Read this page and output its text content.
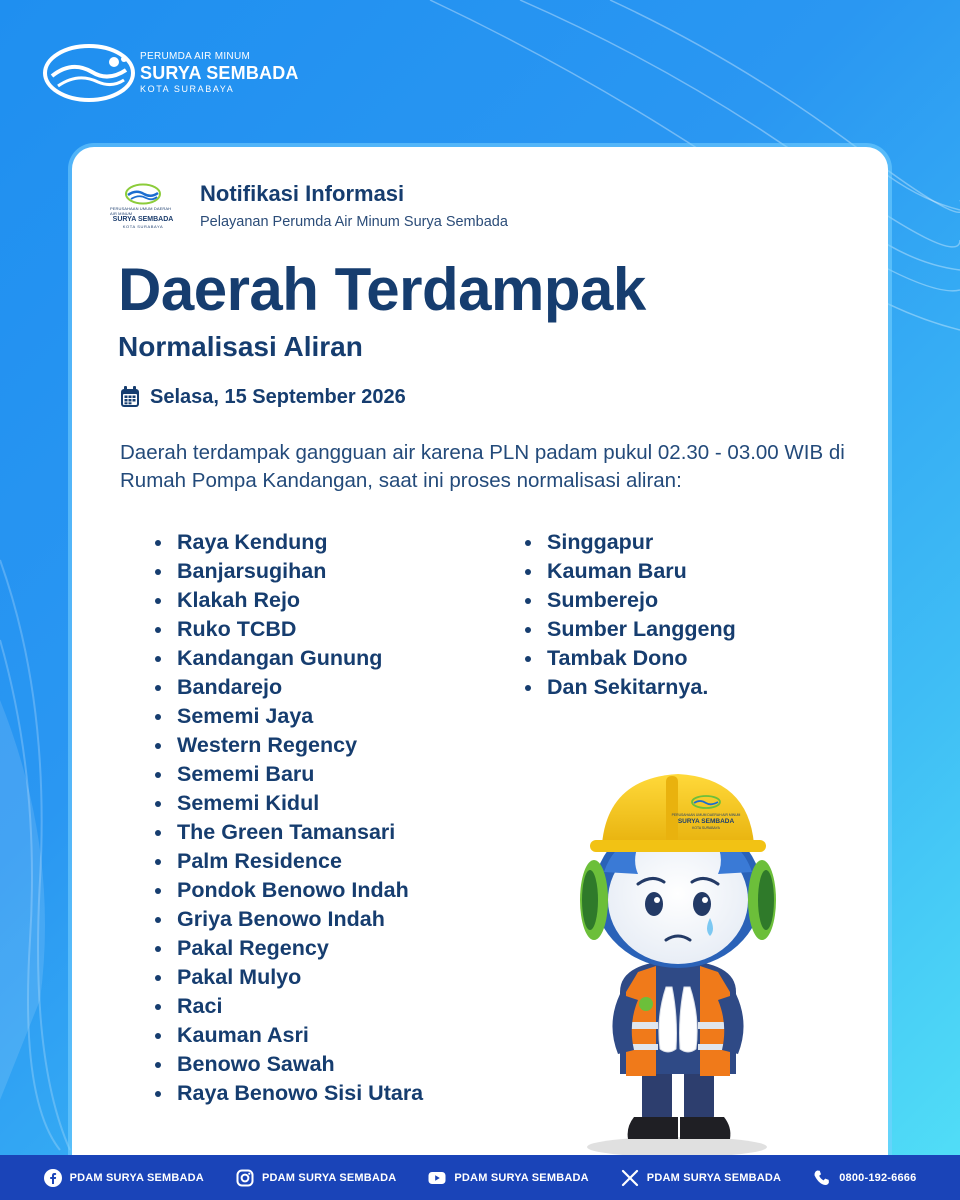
PERUMDA AIR MINUM
SURYA SEMBADA
KOTA SURABAYA
PERUSAHAAN UMUM DAERAH AIR MINUM
SURYA SEMBADA
KOTA SURABAYA
Notifikasi Informasi
Pelayanan Perumda Air Minum Surya Sembada
Daerah Terdampak
Normalisasi Aliran
Selasa, 15 September 2026
Daerah terdampak gangguan air karena PLN padam pukul 02.30 - 03.00 WIB di Rumah Pompa Kandangan, saat ini proses normalisasi aliran:
Raya Kendung
Banjarsugihan
Klakah Rejo
Ruko TCBD
Kandangan Gunung
Bandarejo
Sememi Jaya
Western Regency
Sememi Baru
Sememi Kidul
The Green Tamansari
Palm Residence
Pondok Benowo Indah
Griya Benowo Indah
Pakal Regency
Pakal Mulyo
Raci
Kauman Asri
Benowo Sawah
Raya Benowo Sisi Utara
Singgapur
Kauman Baru
Sumberejo
Sumber Langgeng
Tambak Dono
Dan Sekitarnya.
PERUSAHAAN UMUM DAERAH AIR MINUM
SURYA SEMBADA
KOTA SURABAYA
PDAM SURYA SEMBADA	PDAM SURYA SEMBADA	PDAM SURYA SEMBADA	PDAM SURYA SEMBADA	0800-192-6666
